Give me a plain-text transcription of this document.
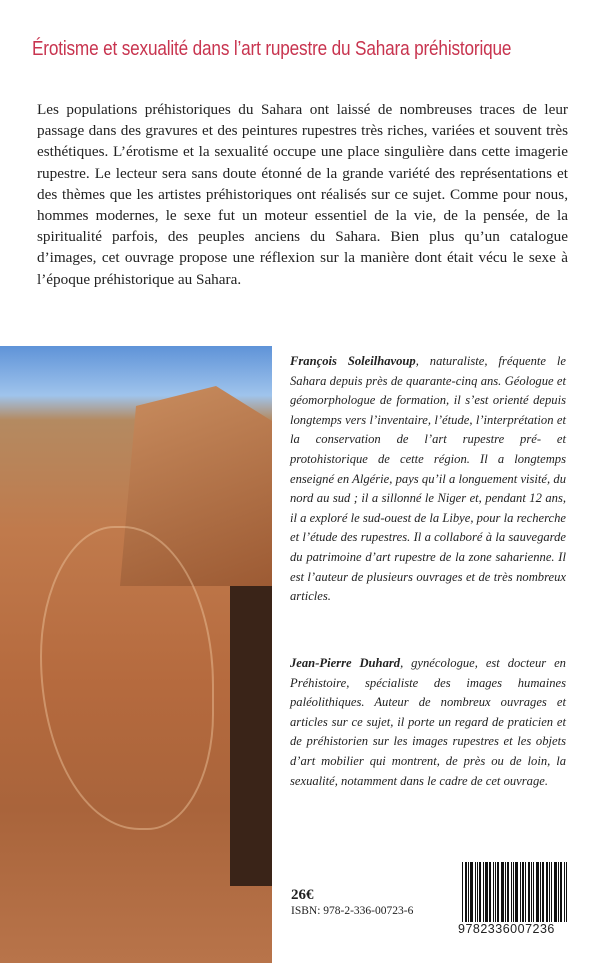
Érotisme et sexualité dans l’art rupestre du Sahara préhistorique
Les populations préhistoriques du Sahara ont laissé de nombreuses traces de leur passage dans des gravures et des peintures rupestres très riches, variées et souvent très esthétiques. L’érotisme et la sexualité occupe une place singulière dans cette imagerie rupestre. Le lecteur sera sans doute étonné de la grande variété des représentations et des thèmes que les artistes préhistoriques ont réalisés sur ce sujet. Comme pour nous, hommes modernes, le sexe fut un moteur essentiel de la vie, de la pensée, de la spiritualité parfois, des peuples anciens du Sahara. Bien plus qu’un catalogue d’images, cet ouvrage propose une réflexion sur la manière dont était vécu le sexe à l’époque préhistorique au Sahara.
François Soleilhavoup, naturaliste, fréquente le Sahara depuis près de quarante-cinq ans. Géologue et géomorphologue de formation, il s’est orienté depuis longtemps vers l’inventaire, l’étude, l’interprétation et la conservation de l’art rupestre pré- et protohistorique de cette région. Il a longtemps enseigné en Algérie, pays qu’il a longuement visité, du nord au sud ; il a sillonné le Niger et, pendant 12 ans, il a exploré le sud-ouest de la Libye, pour la recherche et l’étude des rupestres. Il a collaboré à la sauvegarde du patrimoine d’art rupestre de la zone saharienne. Il est l’auteur de plusieurs ouvrages et de très nombreux articles.
Jean-Pierre Duhard, gynécologue, est docteur en Préhistoire, spécialiste des images humaines paléolithiques. Auteur de nombreux ouvrages et articles sur ce sujet, il porte un regard de praticien et de préhistorien sur les images rupestres et les objets d’art mobilier qui montrent, de près ou de loin, la sexualité, notamment dans le cadre de cet ouvrage.
26€
ISBN: 978-2-336-00723-6
9782336007236
